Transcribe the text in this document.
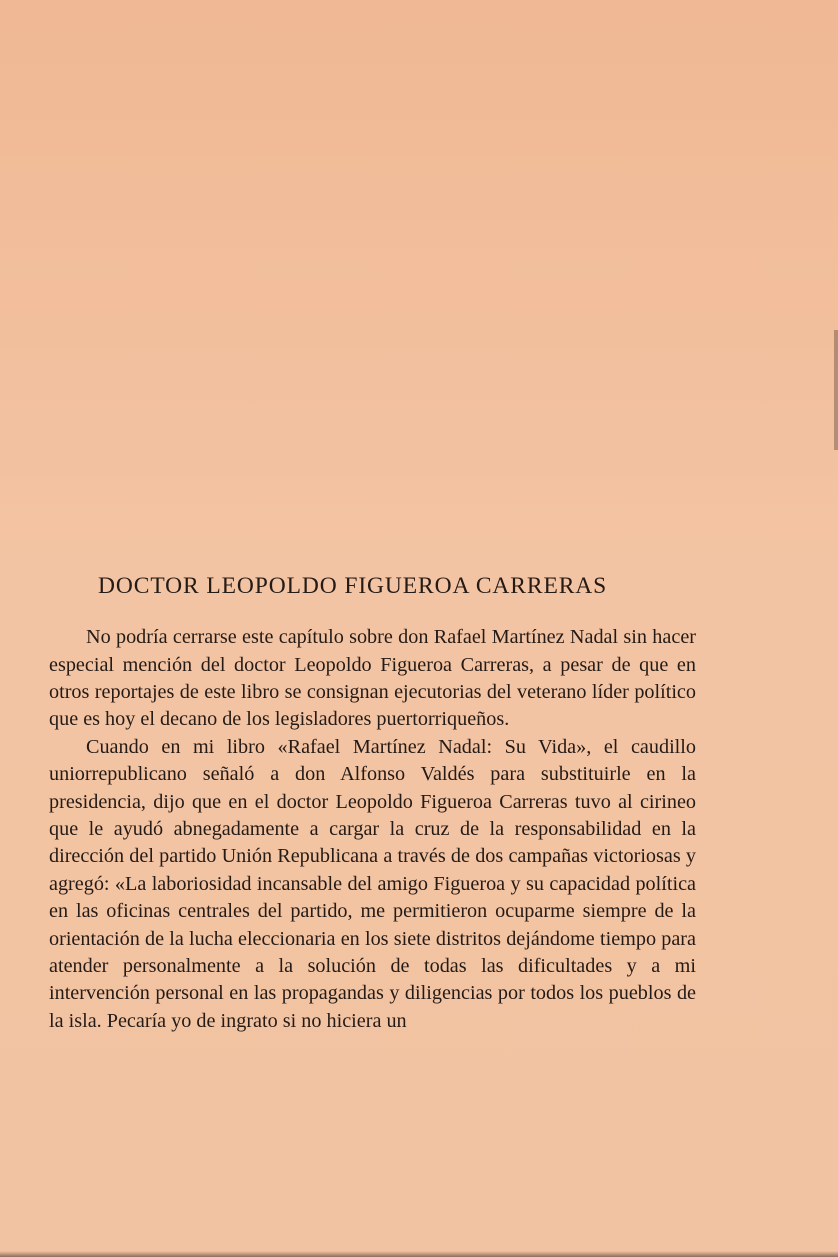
DOCTOR LEOPOLDO FIGUEROA CARRERAS

No podría cerrarse este capítulo sobre don Rafael Martínez Nadal sin hacer especial mención del doctor Leopoldo Figueroa Carreras, a pesar de que en otros reportajes de este libro se consignan ejecutorias del veterano líder político que es hoy el decano de los legisladores puertorriqueños.

Cuando en mi libro «Rafael Martínez Nadal: Su Vida», el caudillo uniorrepublicano señaló a don Alfonso Valdés para substituirle en la presidencia, dijo que en el doctor Leopoldo Figueroa Carreras tuvo al cirineo que le ayudó abnegadamente a cargar la cruz de la responsabilidad en la dirección del partido Unión Republicana a través de dos campañas victoriosas y agregó: «La laboriosidad incansable del amigo Figueroa y su capacidad política en las oficinas centrales del partido, me permitieron ocuparme siempre de la orientación de la lucha eleccionaria en los siete distritos dejándome tiempo para atender personalmente a la solución de todas las dificultades y a mi intervención personal en las propagandas y diligencias por todos los pueblos de la isla. Pecaría yo de ingrato si no hiciera un
